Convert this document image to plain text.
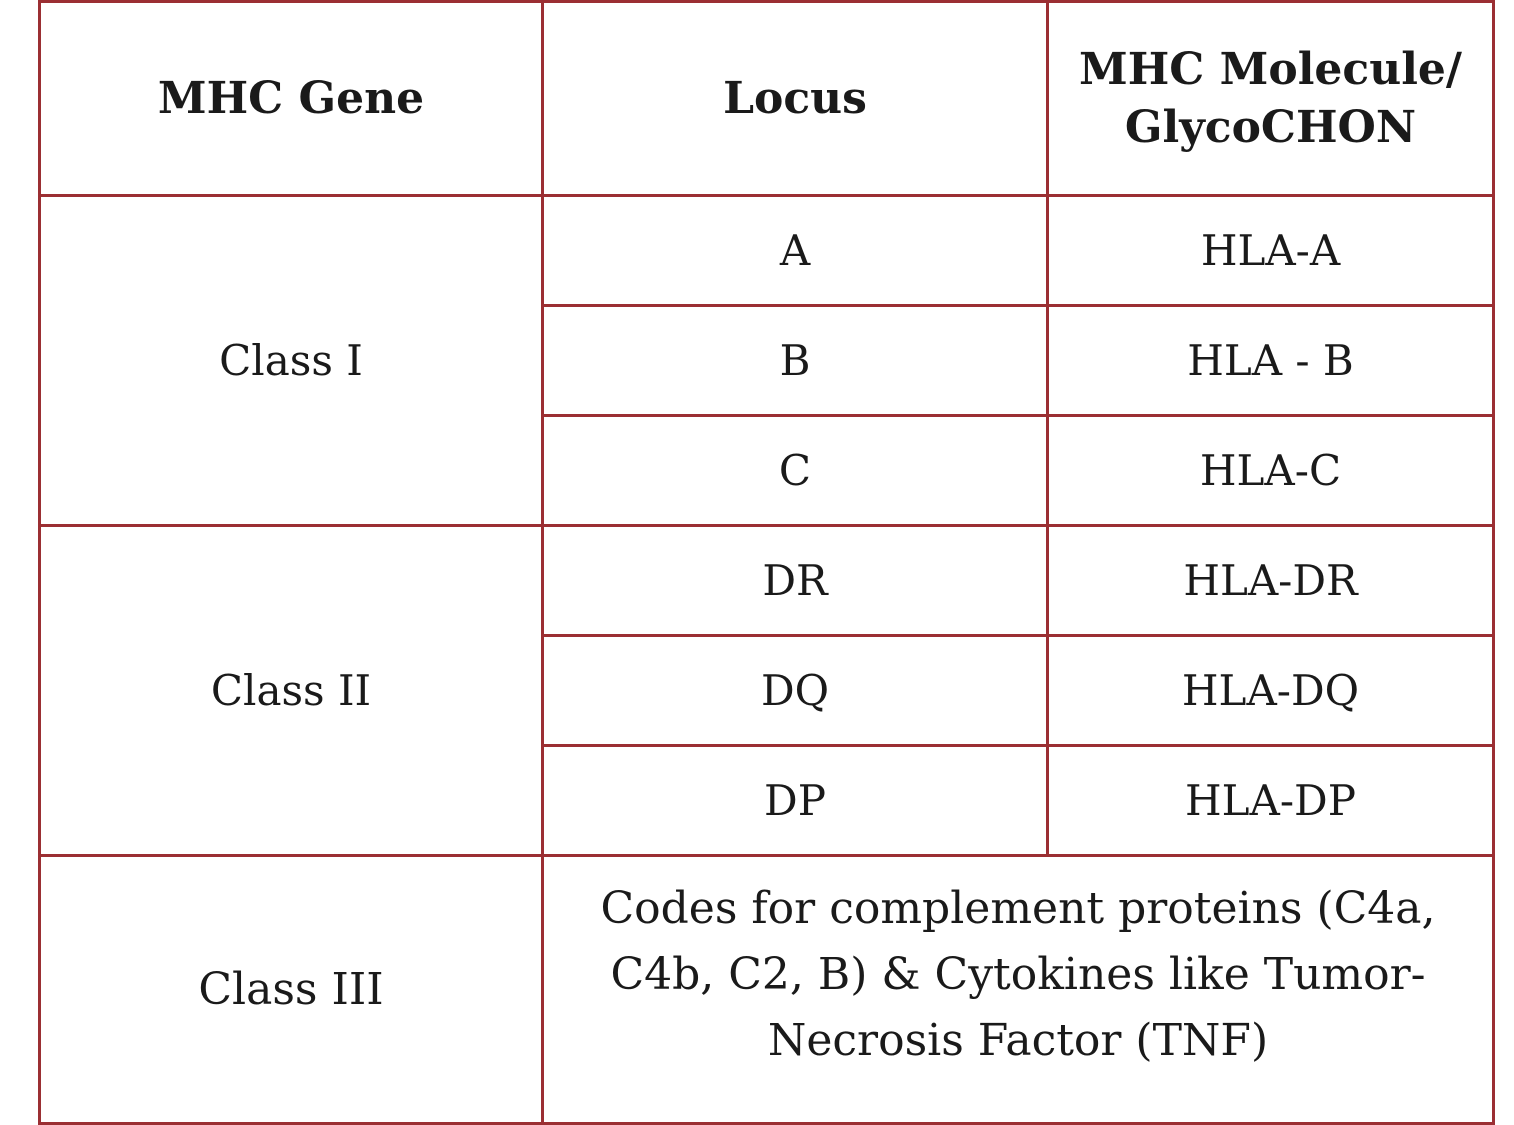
MHC Gene	Locus	MHC Molecule/
GlycoCHON
Class I	A	HLA-A
	B	HLA - B
	C	HLA-C
Class II	DR	HLA-DR
	DQ	HLA-DQ
	DP	HLA-DP
Class III	Codes for complement proteins (C4a, C4b, C2, B) & Cytokines like Tumor-Necrosis Factor (TNF)	
